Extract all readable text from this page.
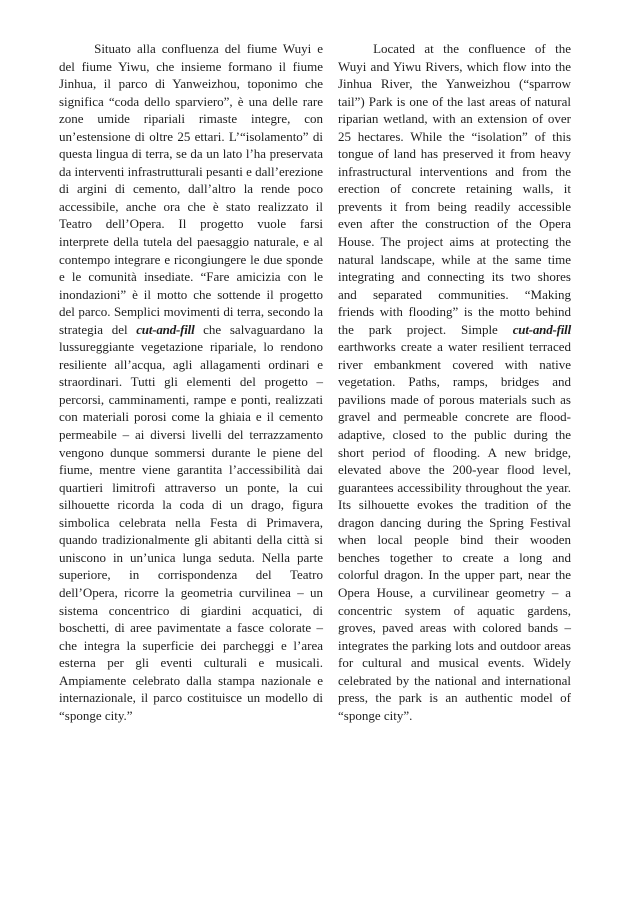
Situato alla confluenza del fiume Wuyi e del fiume Yiwu, che insieme formano il fiume Jinhua, il parco di Yanweizhou, toponimo che significa “coda dello sparviero”, è una delle rare zone umide ripariali rimaste integre, con un’estensione di oltre 25 ettari. L’“isolamento” di questa lingua di terra, se da un lato l’ha preservata da interventi infrastrutturali pesanti e dall’erezione di argini di cemento, dall’altro la rende poco accessibile, anche ora che è stato realizzato il Teatro dell’Opera. Il progetto vuole farsi interprete della tutela del paesaggio naturale, e al contempo integrare e ricongiungere le due sponde e le comunità insediate. “Fare amicizia con le inondazioni” è il motto che sottende il progetto del parco. Semplici movimenti di terra, secondo la strategia del cut-and-fill che salvaguardano la lussureggiante vegetazione ripariale, lo rendono resiliente all’acqua, agli allagamenti ordinari e straordinari. Tutti gli elementi del progetto – percorsi, camminamenti, rampe e ponti, realizzati con materiali porosi come la ghiaia e il cemento permeabile – ai diversi livelli del terrazzamento vengono dunque sommersi durante le piene del fiume, mentre viene garantita l’accessibilità dai quartieri limitrofi attraverso un ponte, la cui silhouette ricorda la coda di un drago, figura simbolica celebrata nella Festa di Primavera, quando tradizionalmente gli abitanti della città si uniscono in un’unica lunga seduta. Nella parte superiore, in corrispondenza del Teatro dell’Opera, ricorre la geometria curvilinea – un sistema concentrico di giardini acquatici, di boschetti, di aree pavimentate a fasce colorate – che integra la superficie dei parcheggi e l’area esterna per gli eventi culturali e musicali. Ampiamente celebrato dalla stampa nazionale e internazionale, il parco costituisce un modello di “sponge city.”

Located at the confluence of the Wuyi and Yiwu Rivers, which flow into the Jinhua River, the Yanweizhou (“sparrow tail”) Park is one of the last areas of natural riparian wetland, with an extension of over 25 hectares. While the “isolation” of this tongue of land has preserved it from heavy infrastructural interventions and from the erection of concrete retaining walls, it prevents it from being readily accessible even after the construction of the Opera House. The project aims at protecting the natural landscape, while at the same time integrating and connecting its two shores and separated communities. “Making friends with flooding” is the motto behind the park project. Simple cut-and-fill earthworks create a water resilient terraced river embankment covered with native vegetation. Paths, ramps, bridges and pavilions made of porous materials such as gravel and permeable concrete are flood-adaptive, closed to the public during the short period of flooding. A new bridge, elevated above the 200-year flood level, guarantees accessibility throughout the year. Its silhouette evokes the tradition of the dragon dancing during the Spring Festival when local people bind their wooden benches together to create a long and colorful dragon. In the upper part, near the Opera House, a curvilinear geometry – a concentric system of aquatic gardens, groves, paved areas with colored bands – integrates the parking lots and outdoor areas for cultural and musical events. Widely celebrated by the national and international press, the park is an authentic model of “sponge city”.
